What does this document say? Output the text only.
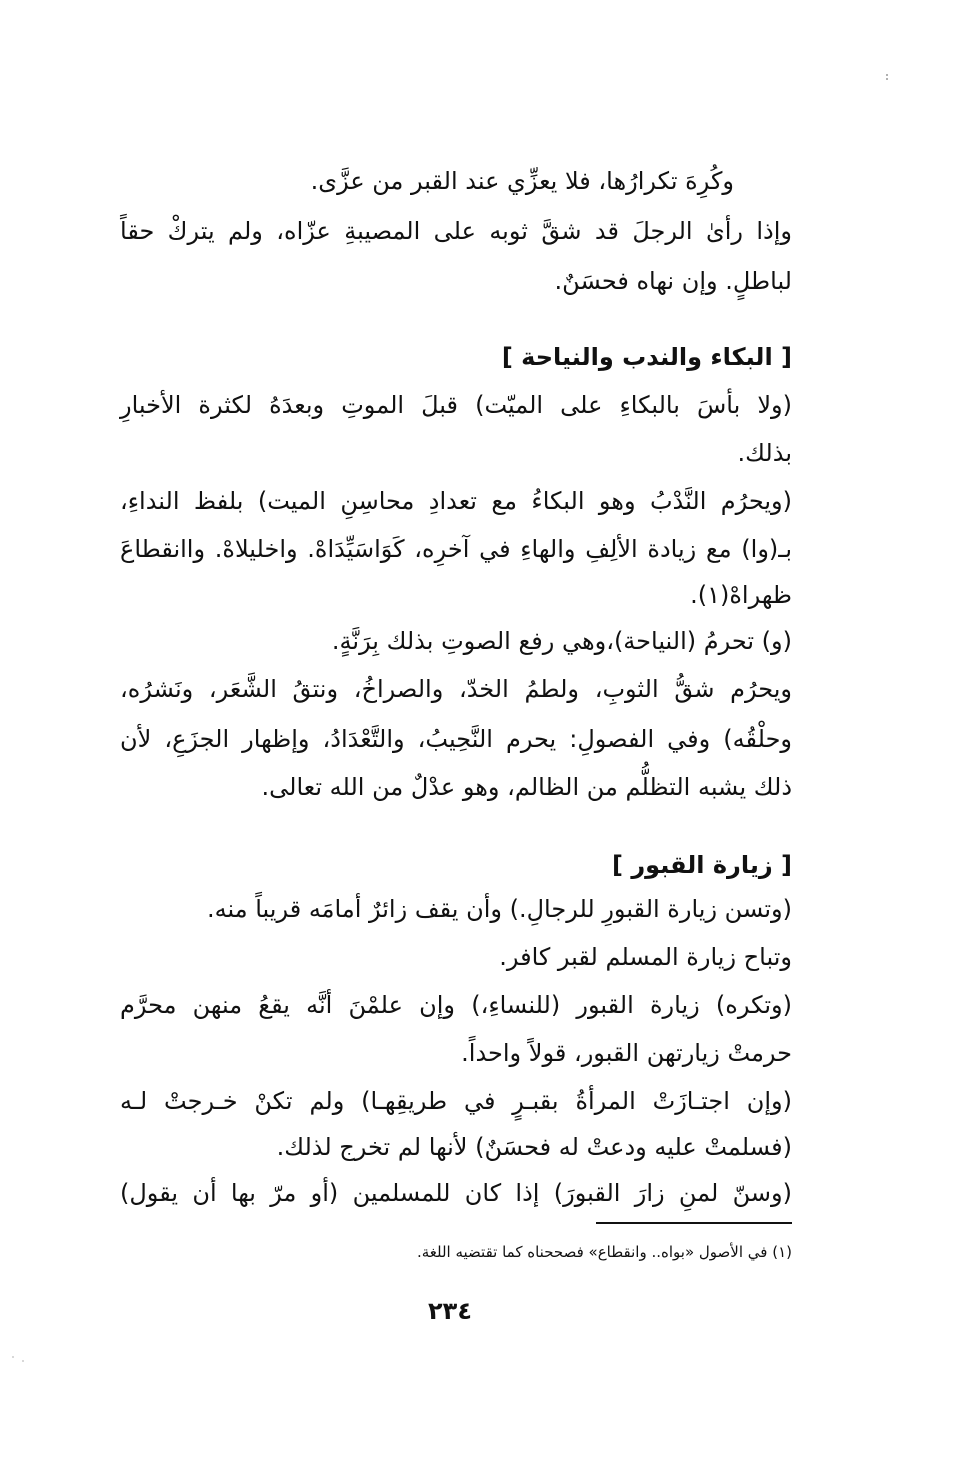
وكُرِهَ تكرارُها، فلا يعزِّي عند القبر من عزَّى.
وإذا رأىٰ الرجلَ قد شقَّ ثوبه على المصيبةِ عزّاه، ولم يتركْ حقاً
لباطلٍ. وإن نهاه فحسَنٌ.
[ البكاء والندب والنياحة ]
(ولا بأسَ بالبكاءِ على الميّت) قبلَ الموتِ وبعدَهُ لكثرة الأخبارِ
بذلك.
(ويحرُم النَّدْبُ وهو البكاءُ مع تعدادِ محاسِنِ الميت) بلفظ النداءِ،
بـ(وا) مع زيادة الألِفِ والهاءِ في آخرِه، كَوَاسَيِّدَاهْ. واخليلاهْ. واانقطاعَ
ظهراهْ(١).
(و) تحرمُ (النياحة)،وهي رفع الصوتِ بذلك بِرَنَّةٍ.
ويحرُم شقُّ الثوبِ، ولطمُ الخدّ، والصراخُ، ونتقُ الشَّعَر، ونَشرُه،
وحلْقُه) وفي الفصولِ: يحرم النَّحِيبُ، والتَّعْدَادُ، وإظهار الجزَعِ، لأن
ذلك يشبه التظلُّم من الظالم، وهو عدْلٌ من الله تعالى.
[ زيارة القبور ]
(وتسن زيارة القبورِ للرجالِ.) وأن يقف زائرٌ أمامَه قريباً منه.
وتباح زيارة المسلم لقبر كافر.
(وتكره) زيارة القبور (للنساءِ،) وإن علمْنَ أنَّه يقعُ منهن محرَّم
حرمتْ زيارتهن القبور، قولاً واحداً.
(وإن اجتـازَتْ المرأةُ بقبـرٍ في طريقِهـا) ولم تكنْ خـرجتْ لـه
(فسلمتْ عليه ودعتْ له فحسَنٌ) لأنها لم تخرج لذلك.
(وسنّ لمنِ زارَ القبورَ) إذا كان للمسلمين (أو مرّ بها أن يقول)
(١) في الأصول «بواه.. وانقطاع» فصححناه كما تقتضيه اللغة.
٢٣٤
